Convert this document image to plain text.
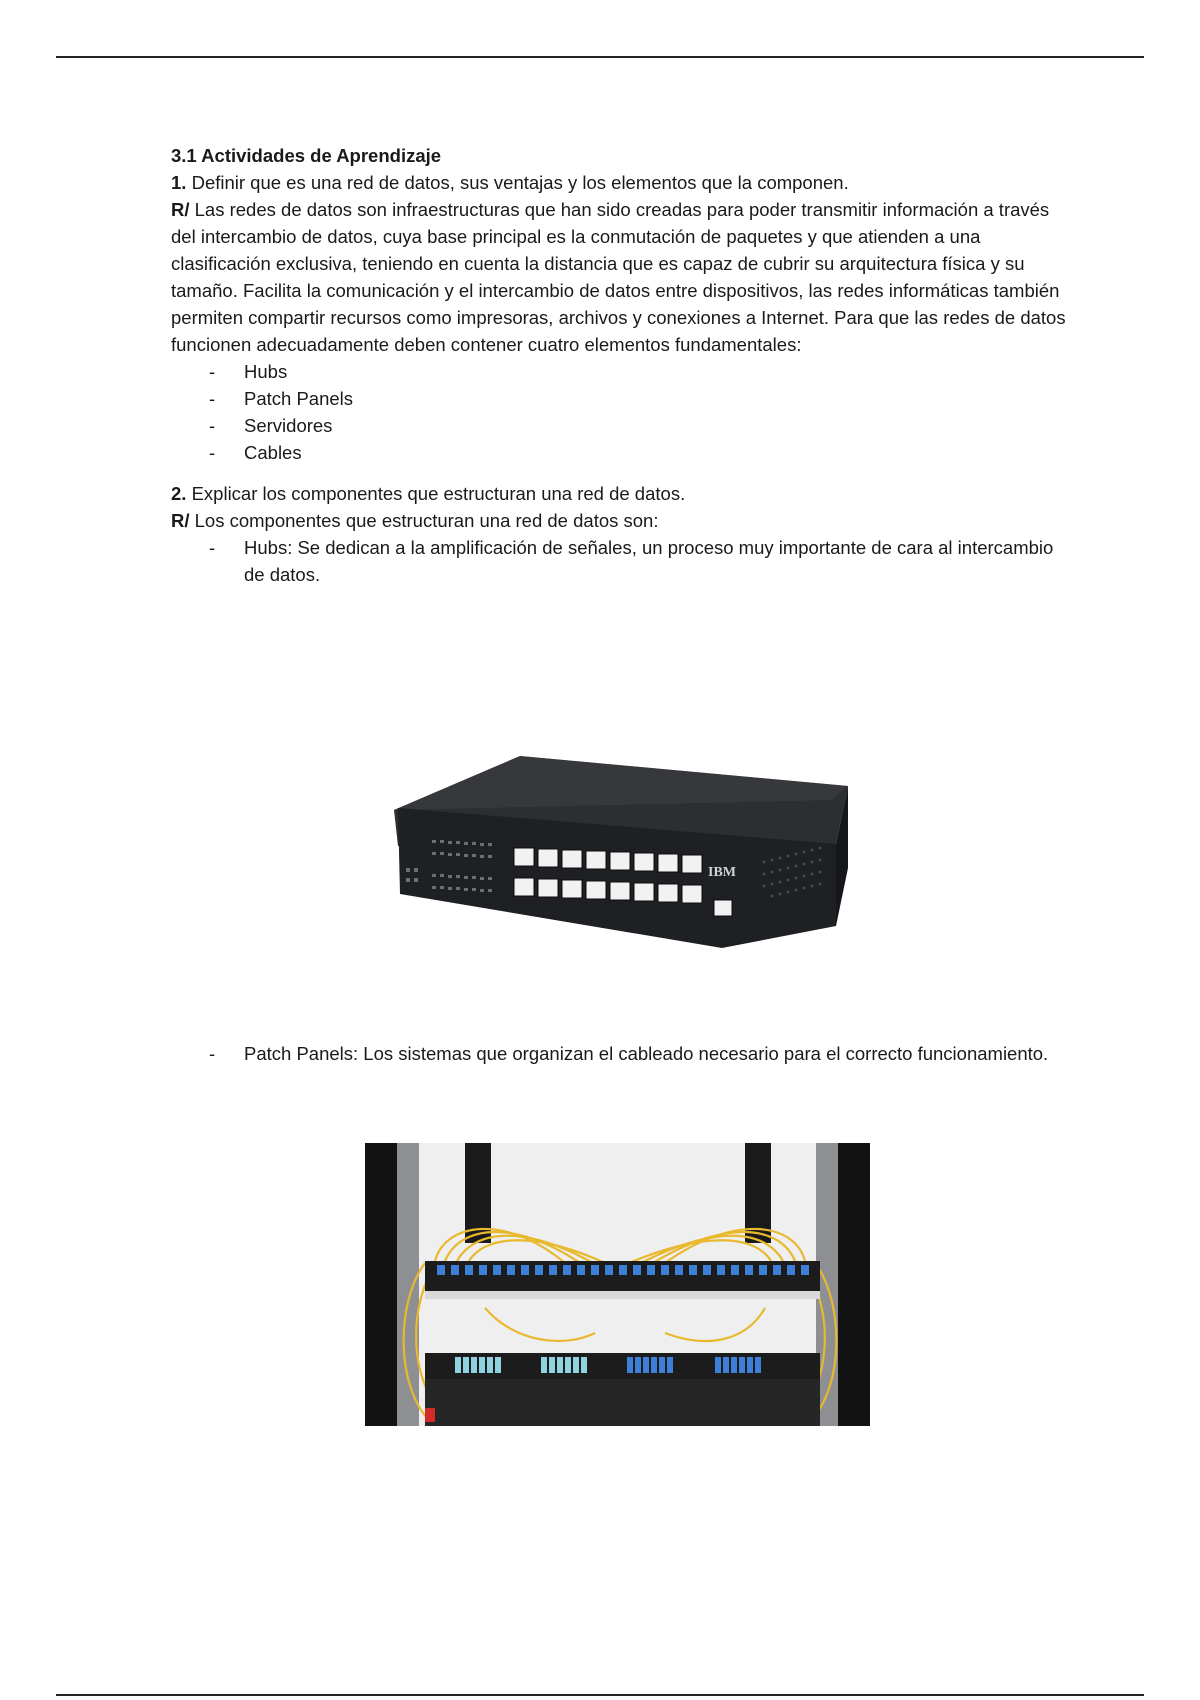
3.1 Actividades de Aprendizaje

1. Definir que es una red de datos, sus ventajas y los elementos que la componen.

R/ Las redes de datos son infraestructuras que han sido creadas para poder transmitir información a través del intercambio de datos, cuya base principal es la conmutación de paquetes y que atienden a una clasificación exclusiva, teniendo en cuenta la distancia que es capaz de cubrir su arquitectura física y su tamaño. Facilita la comunicación y el intercambio de datos entre dispositivos, las redes informáticas también permiten compartir recursos como impresoras, archivos y conexiones a Internet. Para que las redes de datos funcionen adecuadamente deben contener cuatro elementos fundamentales:

- Hubs
- Patch Panels
- Servidores
- Cables

2. Explicar los componentes que estructuran una red de datos.

R/ Los componentes que estructuran una red de datos son:

- Hubs: Se dedican a la amplificación de señales, un proceso muy importante de cara al intercambio de datos.
IBM
- Patch Panels: Los sistemas que organizan el cableado necesario para el correcto funcionamiento.
